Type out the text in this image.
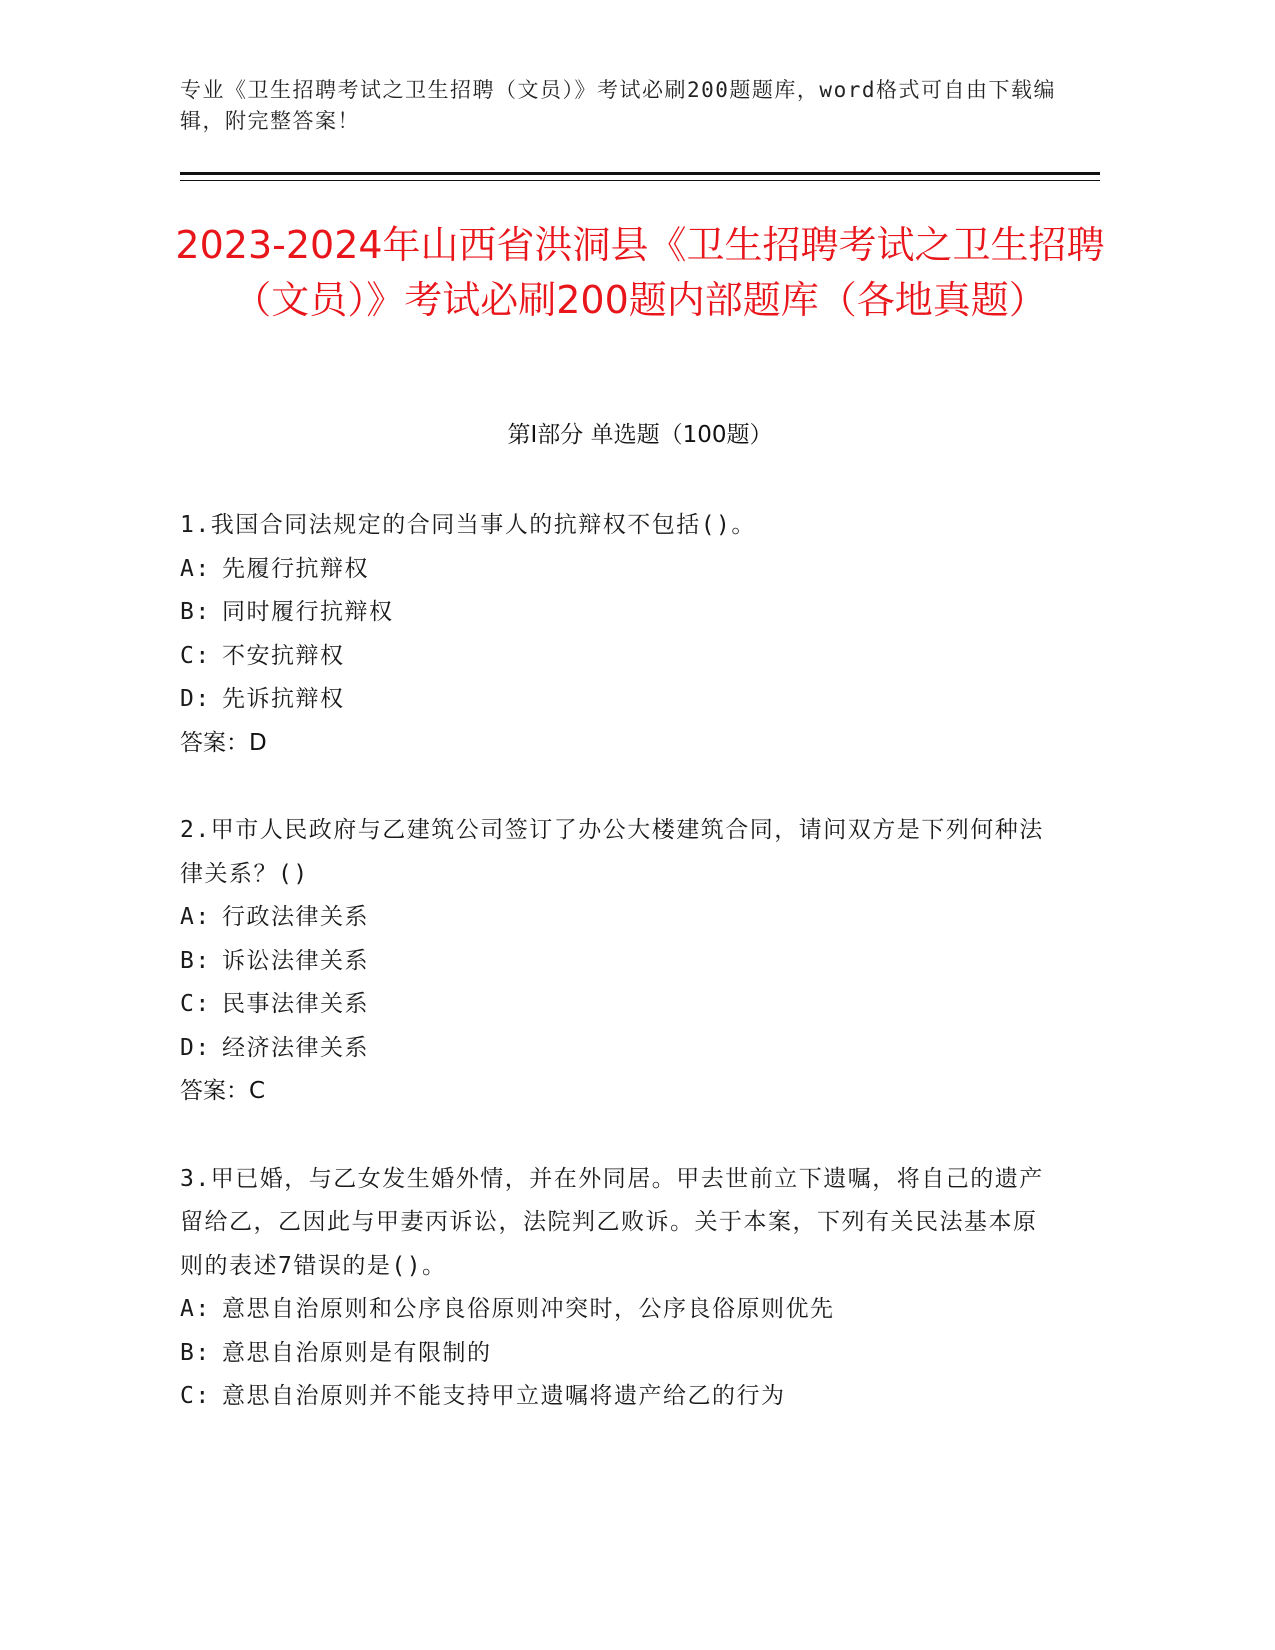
专业《卫生招聘考试之卫生招聘（文员）》考试必刷200题题库，word格式可自由下载编辑，附完整答案！
2023-2024年山西省洪洞县《卫生招聘考试之卫生招聘（文员）》考试必刷200题内部题库（各地真题）
第I部分 单选题（100题）
1.我国合同法规定的合同当事人的抗辩权不包括()。
A: 先履行抗辩权
B: 同时履行抗辩权
C: 不安抗辩权
D: 先诉抗辩权
答案：D
2.甲市人民政府与乙建筑公司签订了办公大楼建筑合同，请问双方是下列何种法律关系？()
A: 行政法律关系
B: 诉讼法律关系
C: 民事法律关系
D: 经济法律关系
答案：C
3.甲已婚，与乙女发生婚外情，并在外同居。甲去世前立下遗嘱，将自己的遗产留给乙，乙因此与甲妻丙诉讼，法院判乙败诉。关于本案，下列有关民法基本原则的表述7错误的是()。
A: 意思自治原则和公序良俗原则冲突时，公序良俗原则优先
B: 意思自治原则是有限制的
C: 意思自治原则并不能支持甲立遗嘱将遗产给乙的行为
